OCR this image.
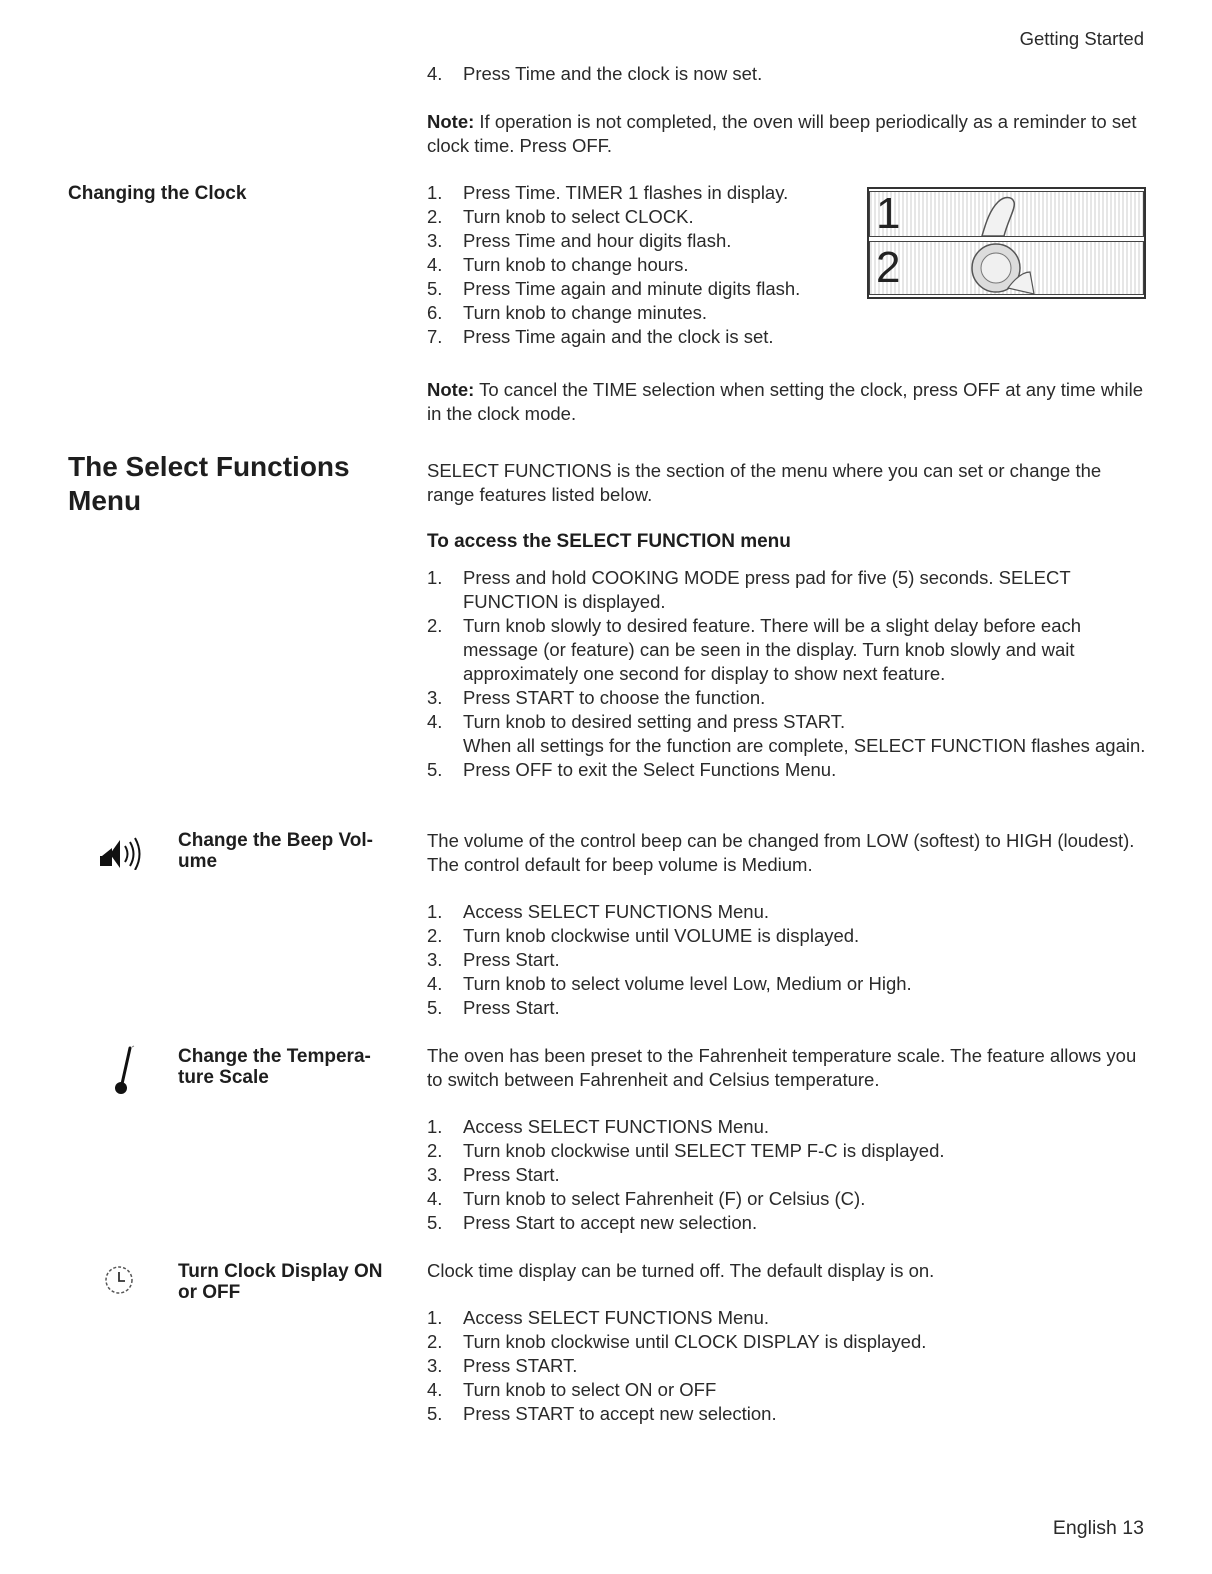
Getting Started
4. Press Time and the clock is now set.

Note: If operation is not completed, the oven will beep periodically as a reminder to set clock time. Press OFF.

Changing the Clock	1. Press Time. TIMER 1 flashes in display.
2. Turn knob to select CLOCK.
3. Press Time and hour digits flash.
4. Turn knob to change hours.
5. Press Time again and minute digits flash.
6. Turn knob to change minutes.
7. Press Time again and the clock is set.
1
2

Note: To cancel the TIME selection when setting the clock, press OFF at any time while in the clock mode.

The Select Functions Menu

SELECT FUNCTIONS is the section of the menu where you can set or change the range features listed below.

To access the SELECT FUNCTION menu
1. Press and hold COOKING MODE press pad for five (5) seconds. SELECT FUNCTION is displayed.
2. Turn knob slowly to desired feature. There will be a slight delay before each message (or feature) can be seen in the display. Turn knob slowly and wait approximately one second for display to show next feature.
3. Press START to choose the function.
4. Turn knob to desired setting and press START.
When all settings for the function are complete, SELECT FUNCTION flashes again.
5. Press OFF to exit the Select Functions Menu.
Change the Beep Vol-
ume

The volume of the control beep can be changed from LOW (softest) to HIGH (loudest). The control default for beep volume is Medium.

1. Access SELECT FUNCTIONS Menu.
2. Turn knob clockwise until VOLUME is displayed.
3. Press Start.
4. Turn knob to select volume level Low, Medium or High.
5. Press Start.
Change the Tempera-
ture Scale

The oven has been preset to the Fahrenheit temperature scale. The feature allows you to switch between Fahrenheit and Celsius temperature.

1. Access SELECT FUNCTIONS Menu.
2. Turn knob clockwise until SELECT TEMP F-C is displayed.
3. Press Start.
4. Turn knob to select Fahrenheit (F) or Celsius (C).
5. Press Start to accept new selection.
Turn Clock Display ON
or OFF

Clock time display can be turned off. The default display is on.

1. Access SELECT FUNCTIONS Menu.
2. Turn knob clockwise until CLOCK DISPLAY is displayed.
3. Press START.
4. Turn knob to select ON or OFF
5. Press START to accept new selection.
English 13
